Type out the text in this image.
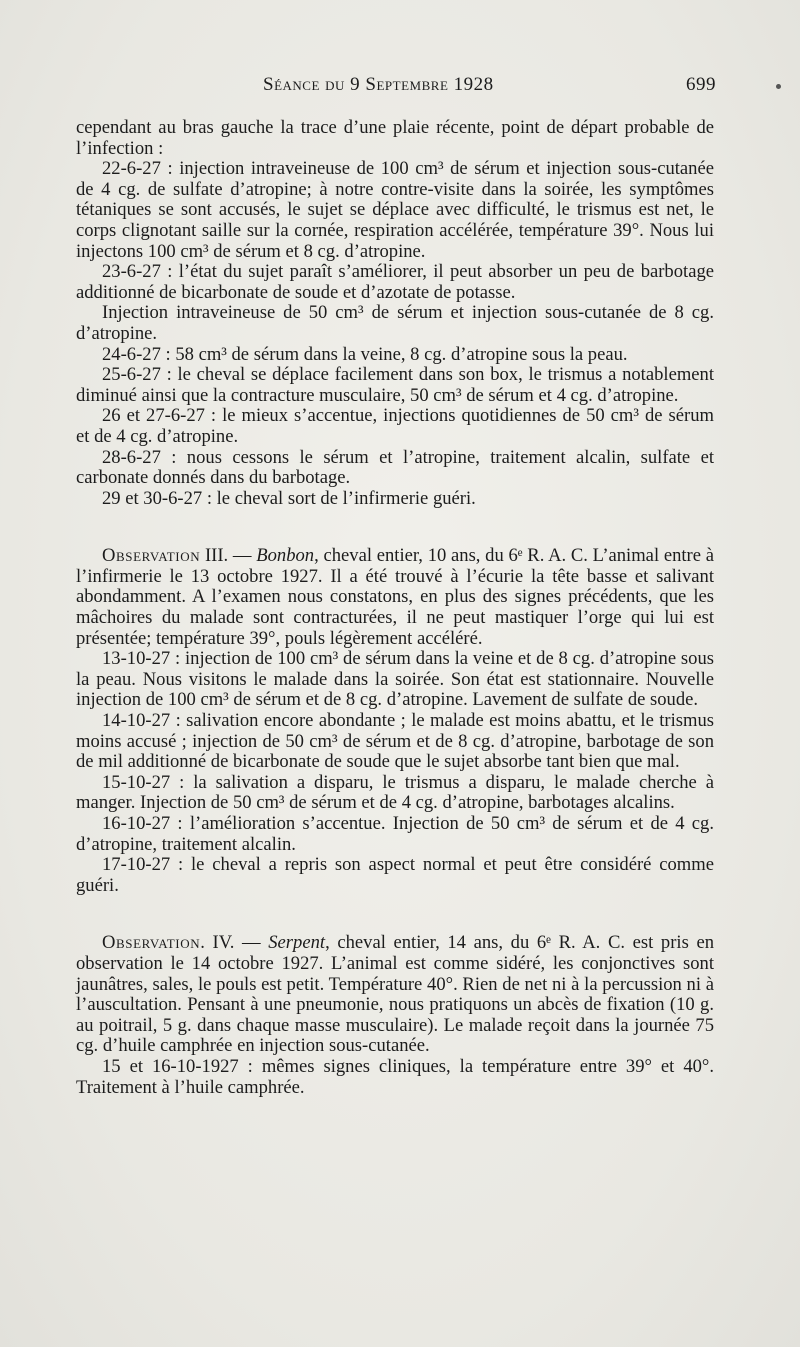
Séance du 9 Septembre 1928	699

cependant au bras gauche la trace d’une plaie récente, point de départ probable de l’infection :

22-6-27 : injection intraveineuse de 100 cm³ de sérum et injection sous-cutanée de 4 cg. de sulfate d’atropine; à notre contre-visite dans la soirée, les symptômes tétaniques se sont accusés, le sujet se déplace avec difficulté, le trismus est net, le corps clignotant saille sur la cornée, respiration accélérée, température 39°. Nous lui injectons 100 cm³ de sérum et 8 cg. d’atropine.

23-6-27 : l’état du sujet paraît s’améliorer, il peut absorber un peu de barbotage additionné de bicarbonate de soude et d’azotate de potasse.

Injection intraveineuse de 50 cm³ de sérum et injection sous-cutanée de 8 cg. d’atropine.

24-6-27 : 58 cm³ de sérum dans la veine, 8 cg. d’atropine sous la peau.

25-6-27 : le cheval se déplace facilement dans son box, le trismus a notablement diminué ainsi que la contracture musculaire, 50 cm³ de sérum et 4 cg. d’atropine.

26 et 27-6-27 : le mieux s’accentue, injections quotidiennes de 50 cm³ de sérum et de 4 cg. d’atropine.

28-6-27 : nous cessons le sérum et l’atropine, traitement alcalin, sulfate et carbonate donnés dans du barbotage.

29 et 30-6-27 : le cheval sort de l’infirmerie guéri.

Observation III. — Bonbon, cheval entier, 10 ans, du 6ᵉ R. A. C. L’animal entre à l’infirmerie le 13 octobre 1927. Il a été trouvé à l’écurie la tête basse et salivant abondamment. A l’examen nous constatons, en plus des signes précédents, que les mâchoires du malade sont contracturées, il ne peut mastiquer l’orge qui lui est présentée; température 39°, pouls légèrement accéléré.

13-10-27 : injection de 100 cm³ de sérum dans la veine et de 8 cg. d’atropine sous la peau. Nous visitons le malade dans la soirée. Son état est stationnaire. Nouvelle injection de 100 cm³ de sérum et de 8 cg. d’atropine. Lavement de sulfate de soude.

14-10-27 : salivation encore abondante ; le malade est moins abattu, et le trismus moins accusé ; injection de 50 cm³ de sérum et de 8 cg. d’atropine, barbotage de son de mil additionné de bicarbonate de soude que le sujet absorbe tant bien que mal.

15-10-27 : la salivation a disparu, le trismus a disparu, le malade cherche à manger. Injection de 50 cm³ de sérum et de 4 cg. d’atropine, barbotages alcalins.

16-10-27 : l’amélioration s’accentue. Injection de 50 cm³ de sérum et de 4 cg. d’atropine, traitement alcalin.

17-10-27 : le cheval a repris son aspect normal et peut être considéré comme guéri.

Observation. IV. — Serpent, cheval entier, 14 ans, du 6ᵉ R. A. C. est pris en observation le 14 octobre 1927. L’animal est comme sidéré, les conjonctives sont jaunâtres, sales, le pouls est petit. Température 40°. Rien de net ni à la percussion ni à l’auscultation. Pensant à une pneumonie, nous pratiquons un abcès de fixation (10 g. au poitrail, 5 g. dans chaque masse musculaire). Le malade reçoit dans la journée 75 cg. d’huile camphrée en injection sous-cutanée.

15 et 16-10-1927 : mêmes signes cliniques, la température entre 39° et 40°. Traitement à l’huile camphrée.
